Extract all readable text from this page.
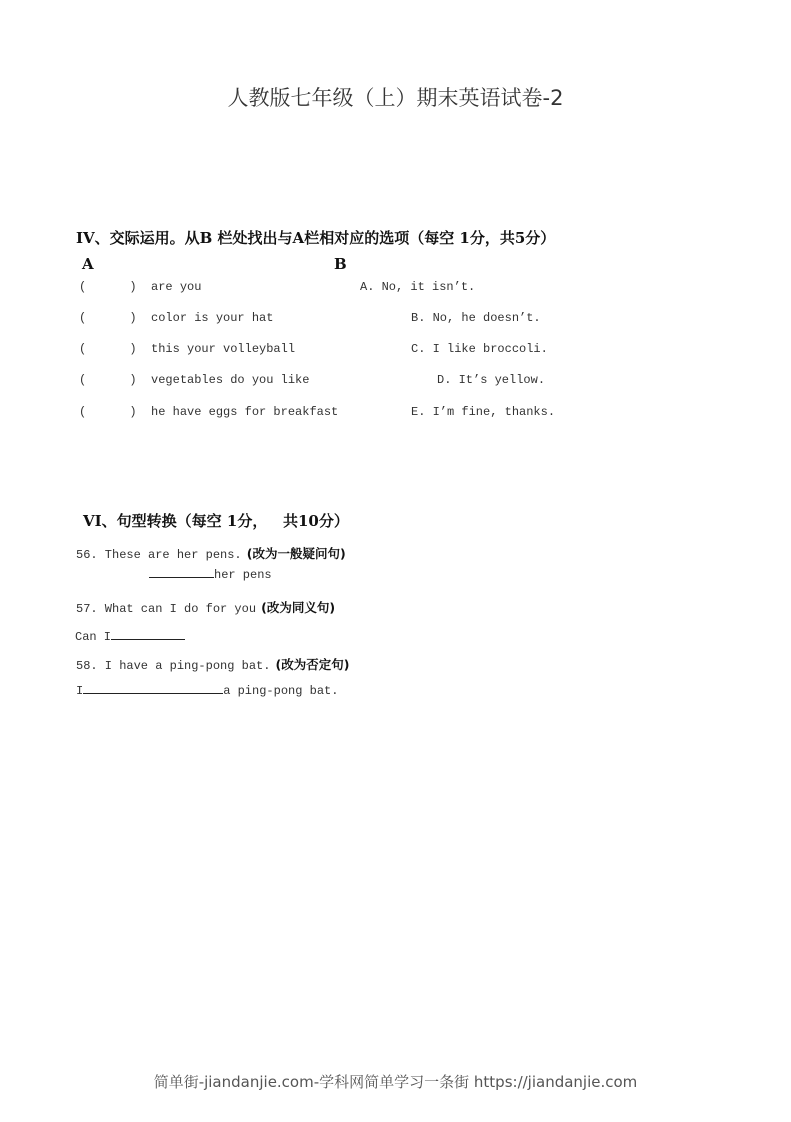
人教版七年级（上）期末英语试卷-2
IV、交际运用。从B 栏处找出与A栏相对应的选项（每空 1分，共5分）
A	B
(      )  are you
(      )  color is your hat
(      )  this your volleyball
(      )  vegetables do you like
(      )  he have eggs for breakfast
A. No, it isn’t.
B. No, he doesn’t.
C. I like broccoli.
D. It’s yellow.
E. I’m fine, thanks.
VI、句型转换（每空 1分，   共10分）
56. These are her pens. (改为一般疑问句)
her pens
57. What can I do for you (改为同义句)
Can I
58. I have a ping-pong bat. (改为否定句)
I	a ping-pong bat.
简单街-jiandanjie.com-学科网简单学习一条街 https://jiandanjie.com
